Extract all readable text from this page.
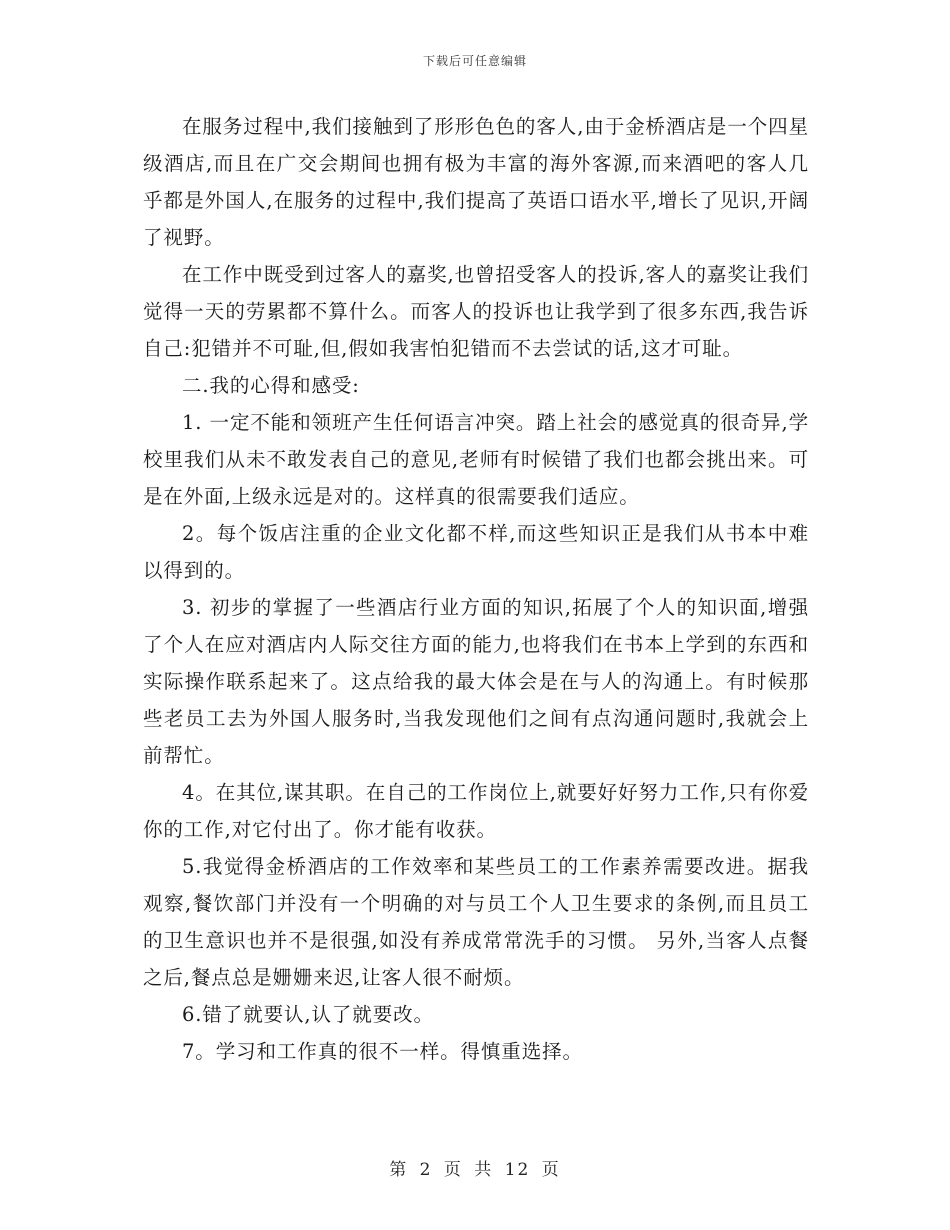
下载后可任意编辑

在服务过程中,我们接触到了形形色色的客人,由于金桥酒店是一个四星级酒店,而且在广交会期间也拥有极为丰富的海外客源,而来酒吧的客人几乎都是外国人,在服务的过程中,我们提高了英语口语水平,增长了见识,开阔了视野。

在工作中既受到过客人的嘉奖,也曾招受客人的投诉,客人的嘉奖让我们觉得一天的劳累都不算什么。而客人的投诉也让我学到了很多东西,我告诉自己:犯错并不可耻,但,假如我害怕犯错而不去尝试的话,这才可耻。

二.我的心得和感受:

1. 一定不能和领班产生任何语言冲突。踏上社会的感觉真的很奇异,学校里我们从未不敢发表自己的意见,老师有时候错了我们也都会挑出来。可是在外面,上级永远是对的。这样真的很需要我们适应。

2。每个饭店注重的企业文化都不样,而这些知识正是我们从书本中难以得到的。

3. 初步的掌握了一些酒店行业方面的知识,拓展了个人的知识面,增强了个人在应对酒店内人际交往方面的能力,也将我们在书本上学到的东西和实际操作联系起来了。这点给我的最大体会是在与人的沟通上。有时候那些老员工去为外国人服务时,当我发现他们之间有点沟通问题时,我就会上前帮忙。

4。在其位,谋其职。在自己的工作岗位上,就要好好努力工作,只有你爱你的工作,对它付出了。你才能有收获。

5.我觉得金桥酒店的工作效率和某些员工的工作素养需要改进。据我观察,餐饮部门并没有一个明确的对与员工个人卫生要求的条例,而且员工的卫生意识也并不是很强,如没有养成常常洗手的习惯。 另外,当客人点餐之后,餐点总是姗姗来迟,让客人很不耐烦。

6.错了就要认,认了就要改。

7。学习和工作真的很不一样。得慎重选择。

第 2 页 共 12 页
